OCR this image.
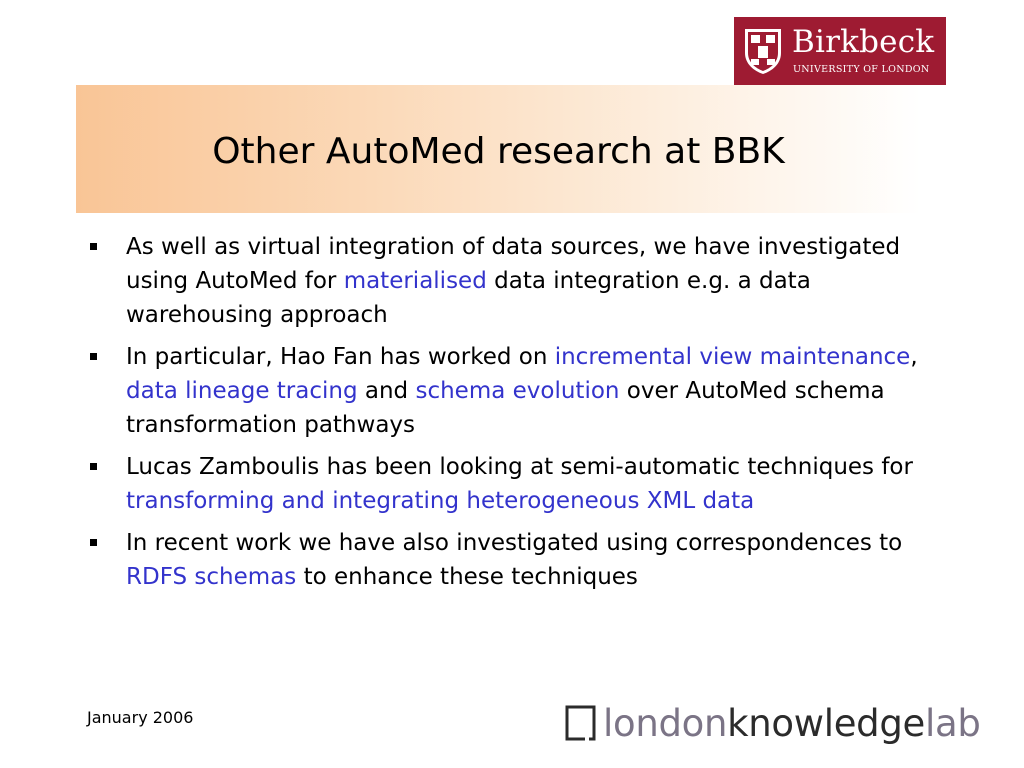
Other AutoMed research at BBK
Birkbeck
UNIVERSITY OF LONDON
As well as virtual integration of data sources, we have investigated using AutoMed for materialised data integration e.g. a data warehousing approach
In particular, Hao Fan has worked on incremental view maintenance, data lineage tracing and schema evolution over AutoMed schema transformation pathways
Lucas Zamboulis has been looking at semi-automatic techniques for transforming and integrating heterogeneous XML data
In recent work we have also investigated using correspondences to RDFS schemas to enhance these techniques
January 2006	londonknowledgelab
